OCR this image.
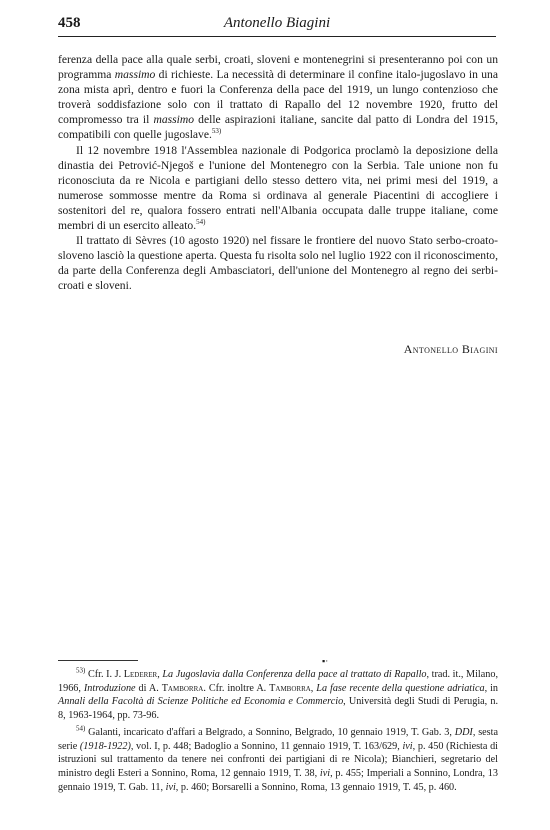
458	Antonello Biagini

ferenza della pace alla quale serbi, croati, sloveni e montenegrini si presenteranno poi con un programma massimo di richieste. La necessità di determinare il confine italo-jugoslavo in una zona mista aprì, dentro e fuori la Conferenza della pace del 1919, un lungo contenzioso che troverà soddisfazione solo con il trattato di Rapallo del 12 novembre 1920, frutto del compromesso tra il massimo delle aspirazioni italiane, sancite dal patto di Londra del 1915, compatibili con quelle jugoslave.$^{53)}$

Il 12 novembre 1918 l'Assemblea nazionale di Podgorica proclamò la deposizione della dinastia dei Petrović-Njegoš e l'unione del Montenegro con la Serbia. Tale unione non fu riconosciuta da re Nicola e partigiani dello stesso dettero vita, nei primi mesi del 1919, a numerose sommosse mentre da Roma si ordinava al generale Piacentini di accogliere i sostenitori del re, qualora fossero entrati nell'Albania occupata dalle truppe italiane, come membri di un esercito alleato.$^{54)}$

Il trattato di Sèvres (10 agosto 1920) nel fissare le frontiere del nuovo Stato serbo-croato-sloveno lasciò la questione aperta. Questa fu risolta solo nel luglio 1922 con il riconoscimento, da parte della Conferenza degli Ambasciatori, dell'unione del Montenegro al regno dei serbi-croati e sloveni.

Antonello Biagini
▪·

$^{53)}$ Cfr. I. J. Lederer, La Jugoslavia dalla Conferenza della pace al trattato di Rapallo, trad. it., Milano, 1966, Introduzione di A. Tamborra. Cfr. inoltre A. Tamborra, La fase recente della questione adriatica, in Annali della Facoltà di Scienze Politiche ed Economia e Commercio, Università degli Studi di Perugia, n. 8, 1963-1964, pp. 73-96.

$^{54)}$ Galanti, incaricato d'affari a Belgrado, a Sonnino, Belgrado, 10 gennaio 1919, T. Gab. 3, DDI, sesta serie (1918-1922), vol. I, p. 448; Badoglio a Sonnino, 11 gennaio 1919, T. 163/629, ivi, p. 450 (Richiesta di istruzioni sul trattamento da tenere nei confronti dei partigiani di re Nicola); Bianchieri, segretario del ministro degli Esteri a Sonnino, Roma, 12 gennaio 1919, T. 38, ivi, p. 455; Imperiali a Sonnino, Londra, 13 gennaio 1919, T. Gab. 11, ivi, p. 460; Borsarelli a Sonnino, Roma, 13 gennaio 1919, T. 45, p. 460.
